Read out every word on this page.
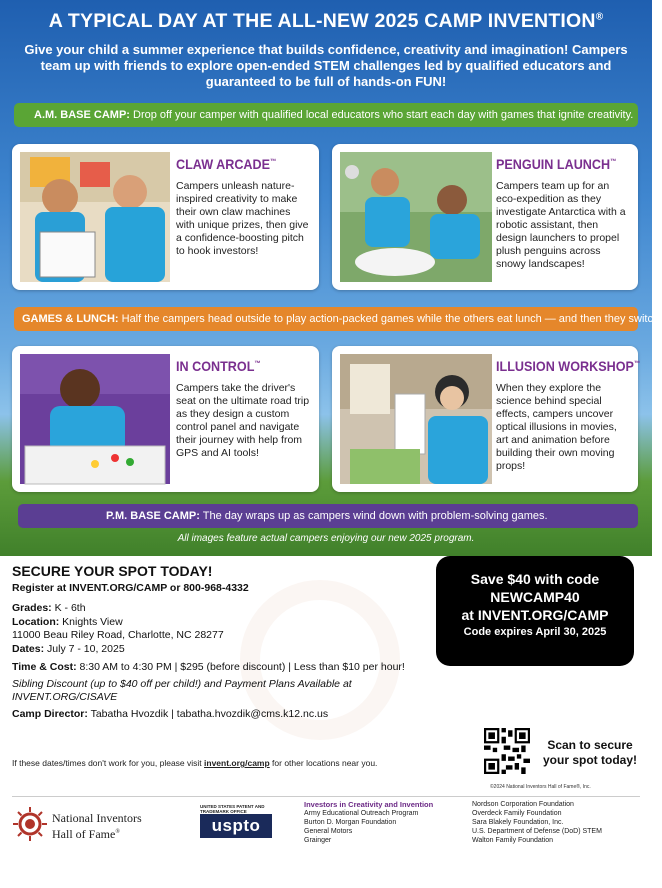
A TYPICAL DAY AT THE ALL-NEW 2025 CAMP INVENTION®
Give your child a summer experience that builds confidence, creativity and imagination! Campers team up with friends to explore open-ended STEM challenges led by qualified educators and guaranteed to be full of hands-on FUN!
A.M. BASE CAMP: Drop off your camper with qualified local educators who start each day with games that ignite creativity.
CLAW ARCADE™
Campers unleash nature-inspired creativity to make their own claw machines with unique prizes, then give a confidence-boosting pitch to hook investors!
PENGUIN LAUNCH™
Campers team up for an eco-expedition as they investigate Antarctica with a robotic assistant, then design launchers to propel plush penguins across snowy landscapes!
GAMES & LUNCH: Half the campers head outside to play action-packed games while the others eat lunch — and then they switch.
IN CONTROL™
Campers take the driver's seat on the ultimate road trip as they design a custom control panel and navigate their journey with help from GPS and AI tools!
ILLUSION WORKSHOP™
When they explore the science behind special effects, campers uncover optical illusions in movies, art and animation before building their own moving props!
P.M. BASE CAMP: The day wraps up as campers wind down with problem-solving games.
All images feature actual campers enjoying our new 2025 program.
SECURE YOUR SPOT TODAY!
Register at INVENT.ORG/CAMP or 800-968-4332
Grades: K - 6th
Location: Knights View
11000 Beau Riley Road, Charlotte, NC 28277
Dates: July 7 - 10, 2025
Time & Cost: 8:30 AM to 4:30 PM | $295 (before discount) | Less than $10 per hour!
Sibling Discount (up to $40 off per child!) and Payment Plans Available at INVENT.ORG/CISAVE
Camp Director: Tabatha Hvozdik | tabatha.hvozdik@cms.k12.nc.us
Save $40 with code
NEWCAMP40
at INVENT.ORG/CAMP
Code expires April 30, 2025
If these dates/times don't work for you, please visit invent.org/camp for other locations near you.
Scan to secure
your spot today!
©2024 National Inventors Hall of Fame®, Inc.
National Inventors
Hall of Fame®
UNITED STATES PATENT AND TRADEMARK OFFICE
uspto
Investors in Creativity and Invention
Army Educational Outreach Program
Burton D. Morgan Foundation
General Motors
Grainger
Nordson Corporation Foundation
Overdeck Family Foundation
Sara Blakely Foundation, Inc.
U.S. Department of Defense (DoD) STEM
Walton Family Foundation
